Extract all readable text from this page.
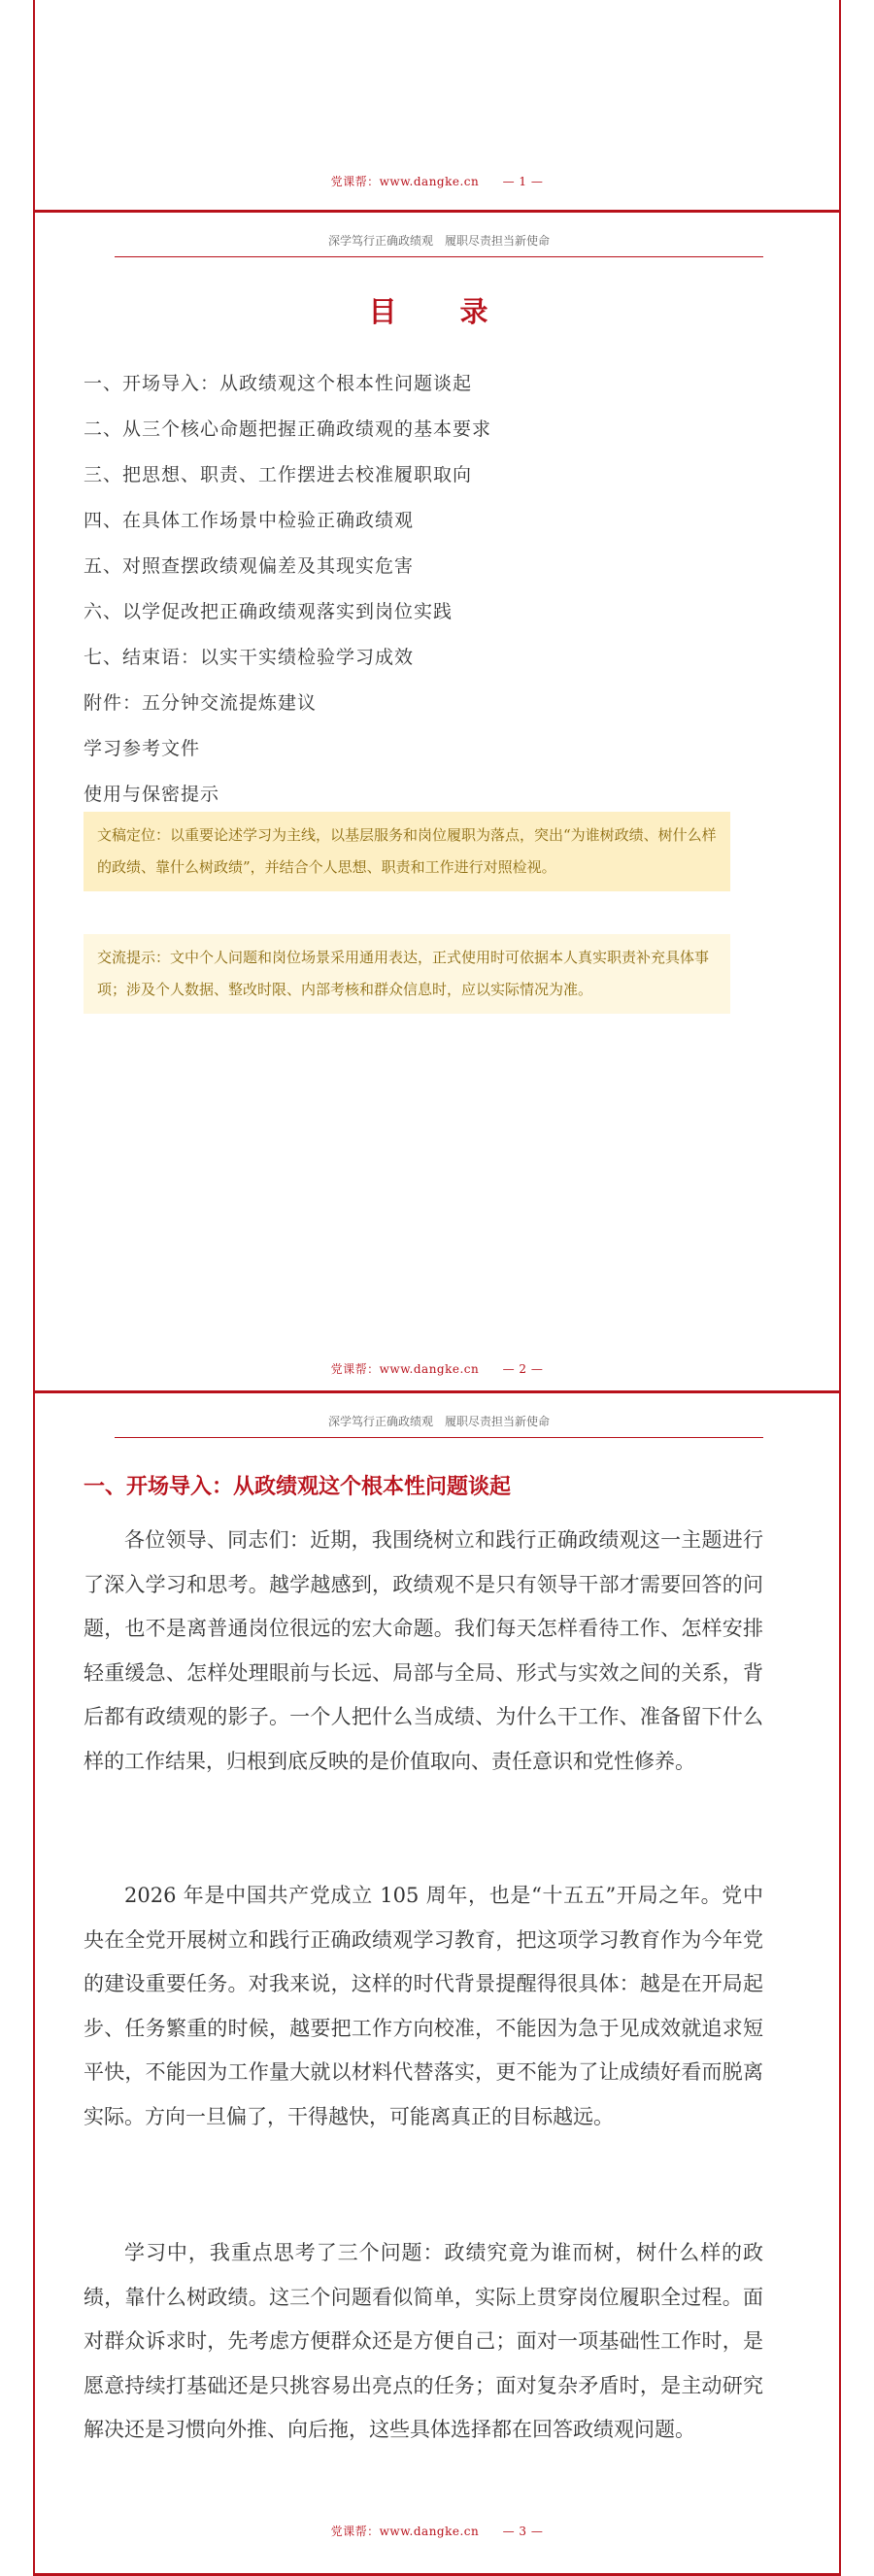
党课帮：www.dangke.cn — 1 —
深学笃行正确政绩观　履职尽责担当新使命
目　录
党课帮：www.dangke.cn — 2 —
一、开场导入：从政绩观这个根本性问题谈起
二、从三个核心命题把握正确政绩观的基本要求
三、把思想、职责、工作摆进去校准履职取向
四、在具体工作场景中检验正确政绩观
五、对照查摆政绩观偏差及其现实危害
六、以学促改把正确政绩观落实到岗位实践
七、结束语：以实干实绩检验学习成效
附件：五分钟交流提炼建议
学习参考文件
使用与保密提示
文稿定位：以重要论述学习为主线，以基层服务和岗位履职为落点，突出“为谁树政绩、树什么样的政绩、靠什么树政绩”，并结合个人思想、职责和工作进行对照检视。
交流提示：文中个人问题和岗位场景采用通用表达，正式使用时可依据本人真实职责补充具体事项；涉及个人数据、整改时限、内部考核和群众信息时，应以实际情况为准。
深学笃行正确政绩观　履职尽责担当新使命
党课帮：www.dangke.cn — 3 —
一、开场导入：从政绩观这个根本性问题谈起

各位领导、同志们：近期，我围绕树立和践行正确政绩观这一主题进行了深入学习和思考。越学越感到，政绩观不是只有领导干部才需要回答的问题，也不是离普通岗位很远的宏大命题。我们每天怎样看待工作、怎样安排轻重缓急、怎样处理眼前与长远、局部与全局、形式与实效之间的关系，背后都有政绩观的影子。一个人把什么当成绩、为什么干工作、准备留下什么样的工作结果，归根到底反映的是价值取向、责任意识和党性修养。

2026 年是中国共产党成立 105 周年，也是“十五五”开局之年。党中央在全党开展树立和践行正确政绩观学习教育，把这项学习教育作为今年党的建设重要任务。对我来说，这样的时代背景提醒得很具体：越是在开局起步、任务繁重的时候，越要把工作方向校准，不能因为急于见成效就追求短平快，不能因为工作量大就以材料代替落实，更不能为了让成绩好看而脱离实际。方向一旦偏了，干得越快，可能离真正的目标越远。

学习中，我重点思考了三个问题：政绩究竟为谁而树，树什么样的政绩，靠什么树政绩。这三个问题看似简单，实际上贯穿岗位履职全过程。面对群众诉求时，先考虑方便群众还是方便自己；面对一项基础性工作时，是愿意持续打基础还是只挑容易出亮点的任务；面对复杂矛盾时，是主动研究解决还是习惯向外推、向后拖，这些具体选择都在回答政绩观问题。
